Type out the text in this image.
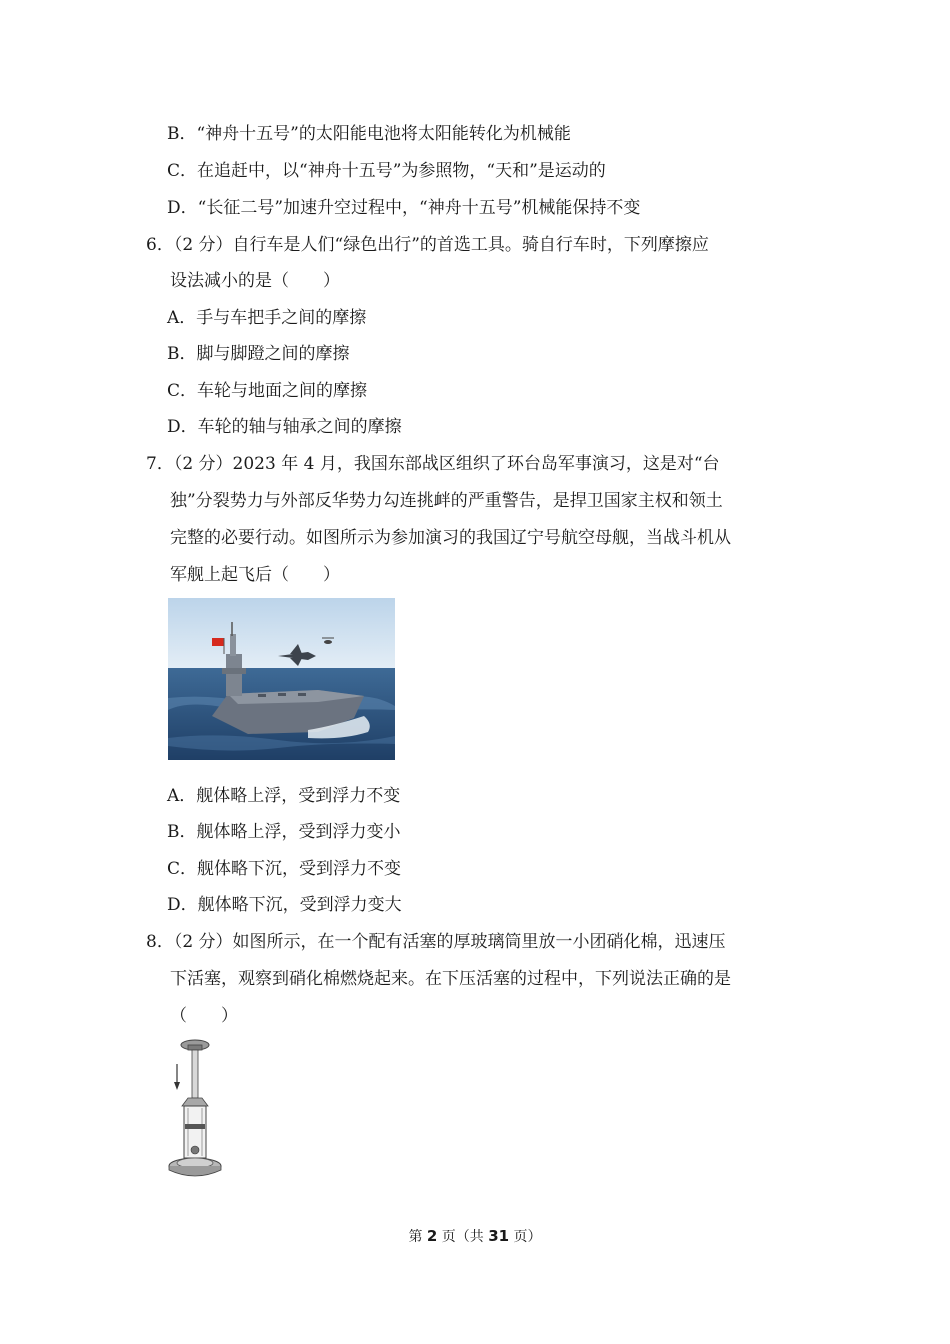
B．“神舟十五号”的太阳能电池将太阳能转化为机械能
C．在追赶中，以“神舟十五号”为参照物，“天和”是运动的
D．“长征二号”加速升空过程中，“神舟十五号”机械能保持不变
6．（2 分）自行车是人们“绿色出行”的首选工具。骑自行车时，下列摩擦应
设法减小的是（　　）
A．手与车把手之间的摩擦
B．脚与脚蹬之间的摩擦
C．车轮与地面之间的摩擦
D．车轮的轴与轴承之间的摩擦
7．（2 分）2023 年 4 月，我国东部战区组织了环台岛军事演习，这是对“台
独”分裂势力与外部反华势力勾连挑衅的严重警告，是捍卫国家主权和领土
完整的必要行动。如图所示为参加演习的我国辽宁号航空母舰，当战斗机从
军舰上起飞后（　　）
A．舰体略上浮，受到浮力不变
B．舰体略上浮，受到浮力变小
C．舰体略下沉，受到浮力不变
D．舰体略下沉，受到浮力变大
8．（2 分）如图所示，在一个配有活塞的厚玻璃筒里放一小团硝化棉，迅速压
下活塞，观察到硝化棉燃烧起来。在下压活塞的过程中，下列说法正确的是
（　　）
第 2 页（共 31 页）
